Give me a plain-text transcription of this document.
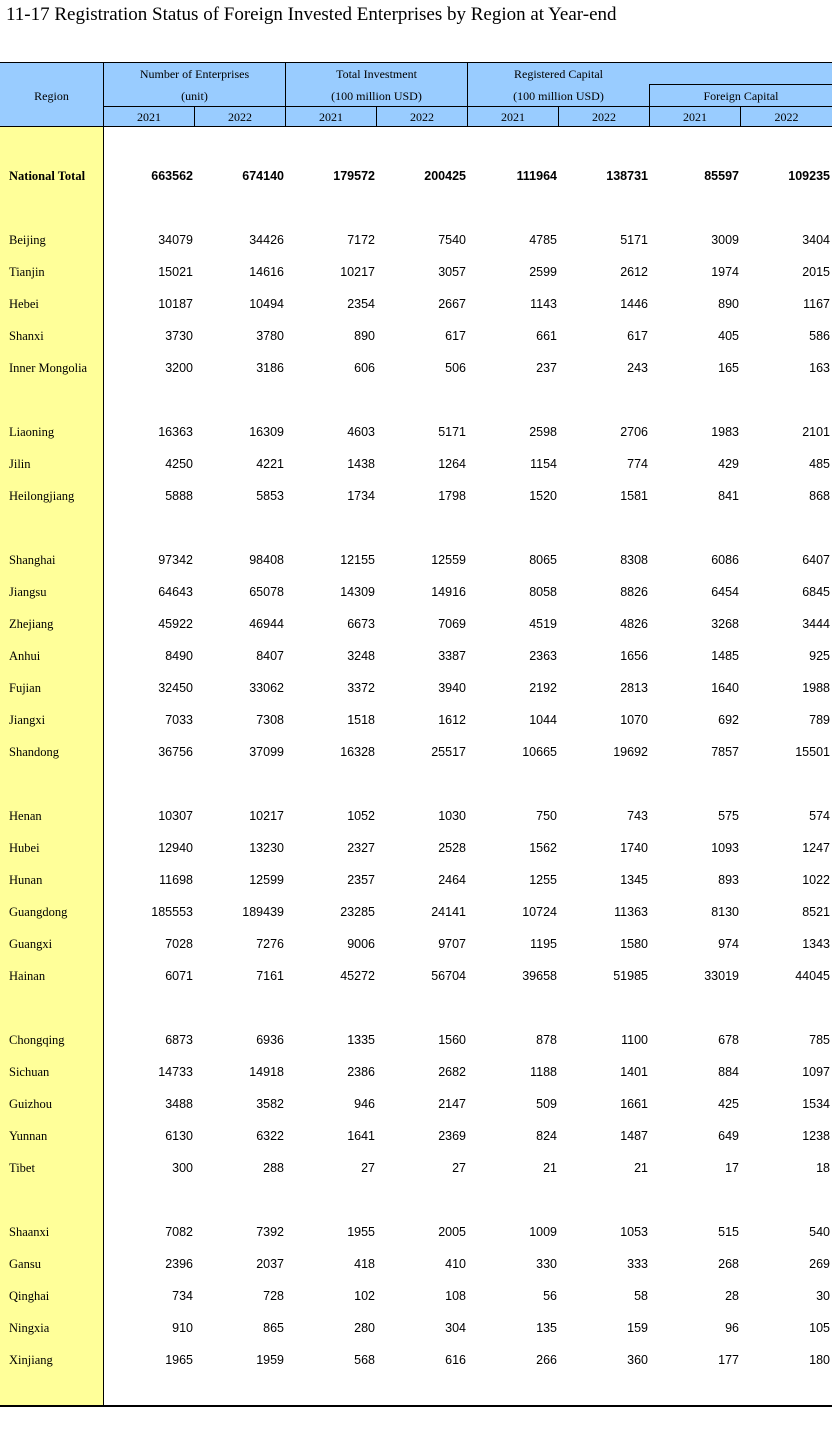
11-17 Registration Status of Foreign Invested Enterprises by Region at Year-end
Region
Number of Enterprises
(unit)
Total Investment
(100 million USD)
Registered Capital
(100 million USD)	Foreign Capital
2021	2022	2021	2022	2021	2022	2021	2022
National Total	663562	674140	179572	200425	111964	138731	85597	109235
Beijing	34079	34426	7172	7540	4785	5171	3009	3404
Tianjin	15021	14616	10217	3057	2599	2612	1974	2015
Hebei	10187	10494	2354	2667	1143	1446	890	1167
Shanxi	3730	3780	890	617	661	617	405	586
Inner Mongolia	3200	3186	606	506	237	243	165	163
Liaoning	16363	16309	4603	5171	2598	2706	1983	2101
Jilin	4250	4221	1438	1264	1154	774	429	485
Heilongjiang	5888	5853	1734	1798	1520	1581	841	868
Shanghai	97342	98408	12155	12559	8065	8308	6086	6407
Jiangsu	64643	65078	14309	14916	8058	8826	6454	6845
Zhejiang	45922	46944	6673	7069	4519	4826	3268	3444
Anhui	8490	8407	3248	3387	2363	1656	1485	925
Fujian	32450	33062	3372	3940	2192	2813	1640	1988
Jiangxi	7033	7308	1518	1612	1044	1070	692	789
Shandong	36756	37099	16328	25517	10665	19692	7857	15501
Henan	10307	10217	1052	1030	750	743	575	574
Hubei	12940	13230	2327	2528	1562	1740	1093	1247
Hunan	11698	12599	2357	2464	1255	1345	893	1022
Guangdong	185553	189439	23285	24141	10724	11363	8130	8521
Guangxi	7028	7276	9006	9707	1195	1580	974	1343
Hainan	6071	7161	45272	56704	39658	51985	33019	44045
Chongqing	6873	6936	1335	1560	878	1100	678	785
Sichuan	14733	14918	2386	2682	1188	1401	884	1097
Guizhou	3488	3582	946	2147	509	1661	425	1534
Yunnan	6130	6322	1641	2369	824	1487	649	1238
Tibet	300	288	27	27	21	21	17	18
Shaanxi	7082	7392	1955	2005	1009	1053	515	540
Gansu	2396	2037	418	410	330	333	268	269
Qinghai	734	728	102	108	56	58	28	30
Ningxia	910	865	280	304	135	159	96	105
Xinjiang	1965	1959	568	616	266	360	177	180
